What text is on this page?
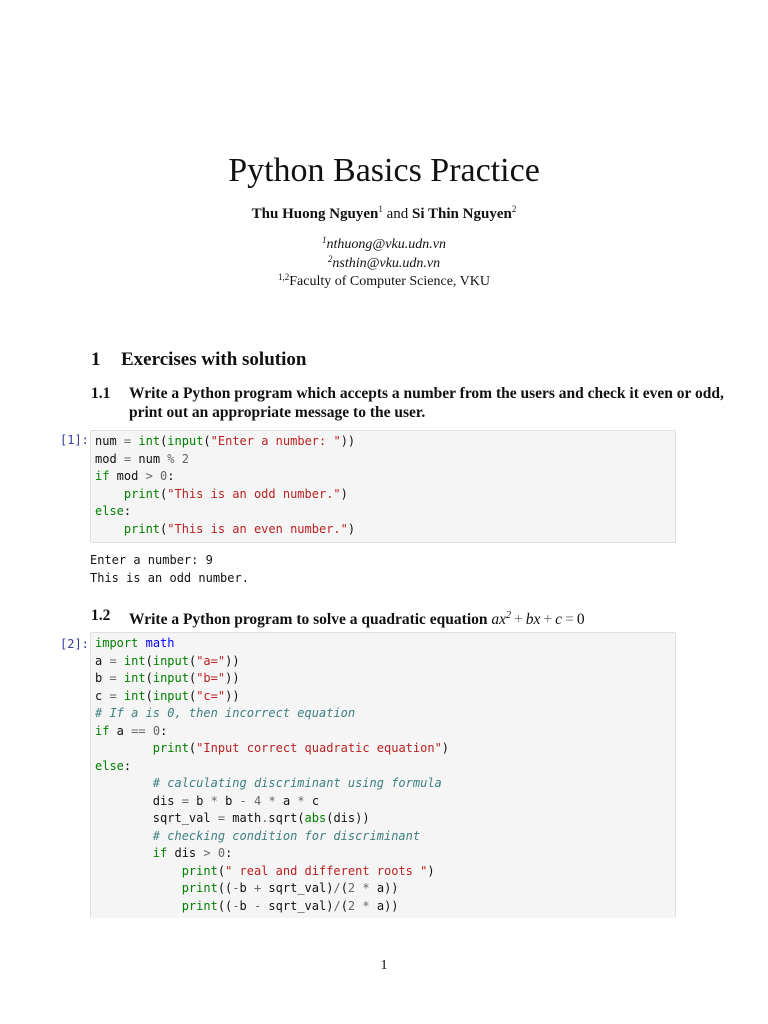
Python Basics Practice
Thu Huong Nguyen$^1$ and Si Thin Nguyen$^2$
$^1$nthuong@vku.udn.vn
$^2$nsthin@vku.udn.vn
$^{1,2}$Faculty of Computer Science, VKU
1 Exercises with solution
1.1 Write a Python program which accepts a number from the users and check it even or odd, print out an appropriate message to the user.
[1]: num = int(input("Enter a number: "))
mod = num % 2
if mod > 0:
print("This is an odd number.")
else:
print("This is an even number.")
Enter a number: 9
This is an odd number.
1.2 Write a Python program to solve a quadratic equation $ax^2$ + bx + c = 0
[2]: import math
a = int(input("a="))
b = int(input("b="))
c = int(input("c="))
# If a is 0, then incorrect equation
if a == 0:
print("Input correct quadratic equation")
else:
# calculating discriminant using formula
dis = b * b - 4 * a * c
sqrt_val = math.sqrt(abs(dis))
# checking condition for discriminant
if dis > 0:
print(" real and different roots ")
print((-b + sqrt_val)/(2 * a))
print((-b - sqrt_val)/(2 * a))
1
